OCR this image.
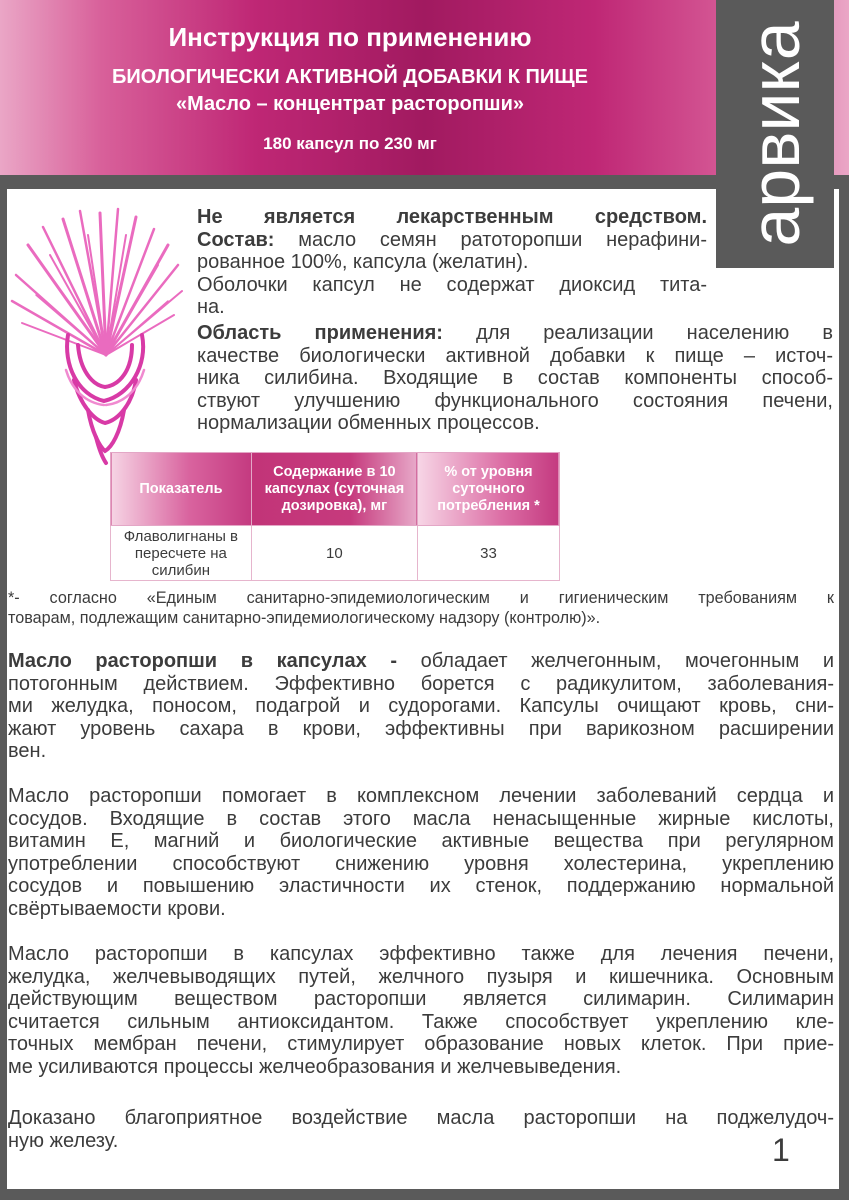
Инструкция по применению
БИОЛОГИЧЕСКИ АКТИВНОЙ ДОБАВКИ К ПИЩЕ
«Масло – концентрат расторопши»
180 капсул по 230 мг	арвика
Не является лекарственным средством.
Состав: масло семян ратоторопши нерафини-
рованное 100%, капсула (желатин).
Оболочки капсул не содержат диоксид тита-
на.
Область применения: для реализации населению в
качестве биологически активной добавки к пище – источ-
ника силибина. Входящие в состав компоненты способ-
ствуют улучшению функционального состояния печени,
нормализации обменных процессов.
Показатель	Содержание в 10 капсулах (суточная дозировка), мг	% от уровня суточного потребления *
Флаволигнаны в пересчете на силибин	10	33
*- согласно «Единым санитарно-эпидемиологическим и гигиеническим требованиям к
товарам, подлежащим санитарно-эпидемиологическому надзору (контролю)».
Масло расторопши в капсулах - обладает желчегонным, мочегонным и
потогонным действием. Эффективно борется с радикулитом, заболевания-
ми желудка, поносом, подагрой и судорогами. Капсулы очищают кровь, сни-
жают уровень сахара в крови, эффективны при варикозном расширении
вен.
Масло расторопши помогает в комплексном лечении заболеваний сердца и
сосудов. Входящие в состав этого масла ненасыщенные жирные кислоты,
витамин Е, магний и биологические активные вещества при регулярном
употреблении способствуют снижению уровня холестерина, укреплению
сосудов и повышению эластичности их стенок, поддержанию нормальной
свёртываемости крови.
Масло расторопши в капсулах эффективно также для лечения печени,
желудка, желчевыводящих путей, желчного пузыря и кишечника. Основным
действующим веществом расторопши является силимарин. Силимарин
считается сильным антиоксидантом. Также способствует укреплению кле-
точных мембран печени, стимулирует образование новых клеток. При прие-
ме усиливаются процессы желчеобразования и желчевыведения.
Доказано благоприятное воздействие масла расторопши на поджелудоч-
ную железу.	1
